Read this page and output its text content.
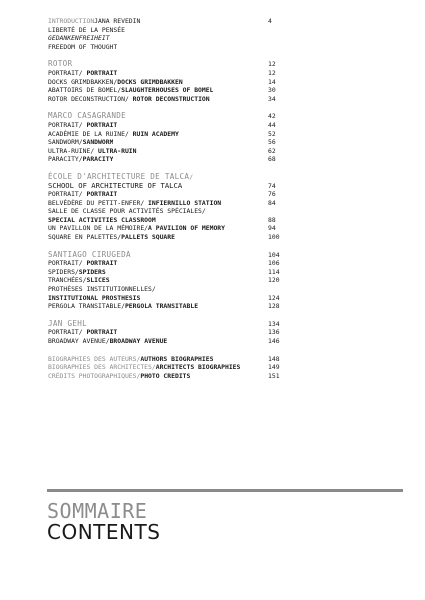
INTRODUCTIONJANA REVEDIN	4
LIBERTÉ DE LA PENSÉE
GEDANKENFREIHEIT
FREEDOM OF THOUGHT
ROTOR	12
PORTRAIT/ PORTRAIT	12
DOCKS GRIMDBAKKEN/DOCKS GRIMDBAKKEN	14
ABATTOIRS DE BOMEL/SLAUGHTERHOUSES OF BOMEL	30
ROTOR DECONSTRUCTION/ ROTOR DECONSTRUCTION	34
MARCO CASAGRANDE	42
PORTRAIT/ PORTRAIT	44
ACADÉMIE DE LA RUINE/ RUIN ACADEMY	52
SANDWORM/SANDWORM	56
ULTRA-RUINE/ ULTRA-RUIN	62
PARACITY/PARACITY	68
ÉCOLE D'ARCHITECTURE DE TALCA/
SCHOOL OF ARCHITECTURE OF TALCA	74
PORTRAIT/ PORTRAIT	76
BELVÉDÈRE DU PETIT-ENFER/ INFIERNILLO STATION	84
SALLE DE CLASSE POUR ACTIVITÉS SPÉCIALES/
SPECIAL ACTIVITIES CLASSROOM	88
UN PAVILLON DE LA MÉMOIRE/A PAVILION OF MEMORY	94
SQUARE EN PALETTES/PALLETS SQUARE	100
SANTIAGO CIRUGEDA	104
PORTRAIT/ PORTRAIT	106
SPIDERS/SPIDERS	114
TRANCHÉES/SLICES	120
PROTHÈSES INSTITUTIONNELLES/
INSTITUTIONAL PROSTHESIS	124
PERGOLA TRANSITABLE/PERGOLA TRANSITABLE	128
JAN GEHL	134
PORTRAIT/ PORTRAIT	136
BROADWAY AVENUE/BROADWAY AVENUE	146
BIOGRAPHIES DES AUTEURS/AUTHORS BIOGRAPHIES	148
BIOGRAPHIES DES ARCHITECTES/ARCHITECTS BIOGRAPHIES	149
CRÉDITS PHOTOGRAPHIQUES/PHOTO CREDITS	151
SOMMAIRE
CONTENTS
